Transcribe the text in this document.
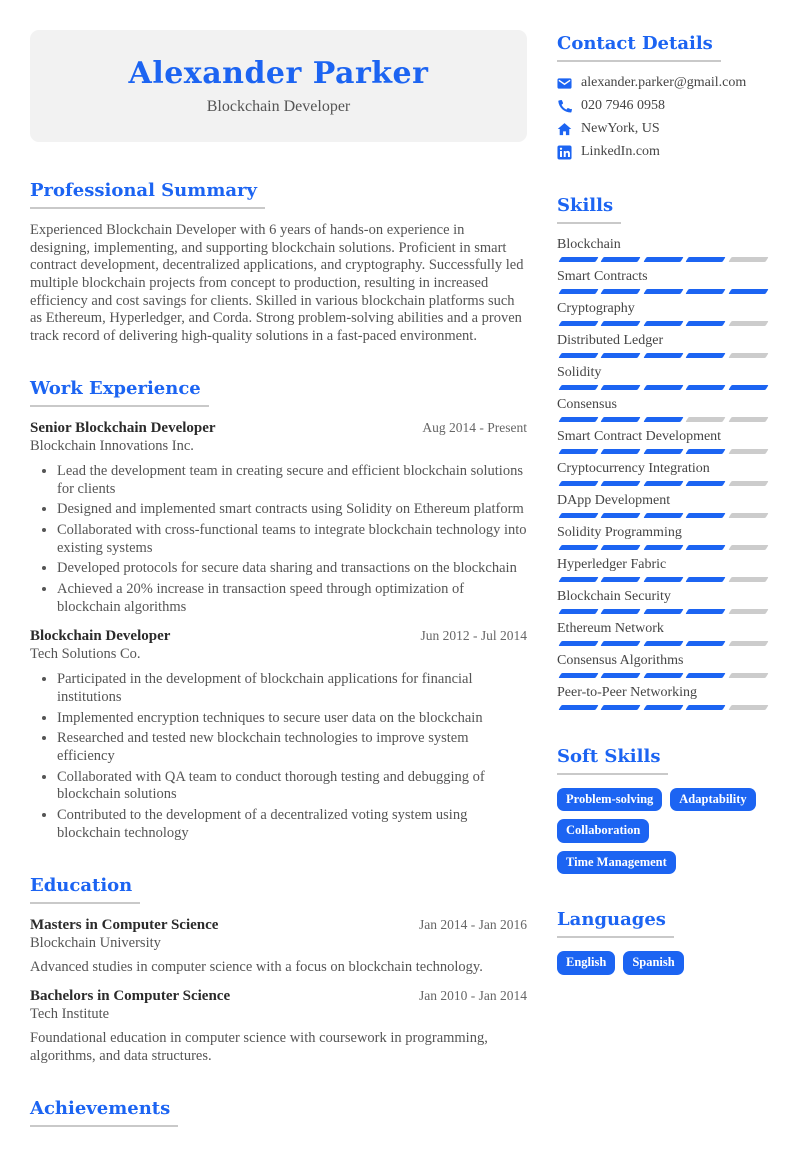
Alexander Parker
Blockchain Developer
Professional Summary

Experienced Blockchain Developer with 6 years of hands-on experience in designing, implementing, and supporting blockchain solutions. Proficient in smart contract development, decentralized applications, and cryptography. Successfully led multiple blockchain projects from concept to production, resulting in increased efficiency and cost savings for clients. Skilled in various blockchain platforms such as Ethereum, Hyperledger, and Corda. Strong problem-solving abilities and a proven track record of delivering high-quality solutions in a fast-paced environment.

Work Experience
Senior Blockchain Developer	Aug 2014 - Present
Blockchain Innovations Inc.
• Lead the development team in creating secure and efficient blockchain solutions for clients
• Designed and implemented smart contracts using Solidity on Ethereum platform
• Collaborated with cross-functional teams to integrate blockchain technology into existing systems
• Developed protocols for secure data sharing and transactions on the blockchain
• Achieved a 20% increase in transaction speed through optimization of blockchain algorithms
Blockchain Developer	Jun 2012 - Jul 2014
Tech Solutions Co.
• Participated in the development of blockchain applications for financial institutions
• Implemented encryption techniques to secure user data on the blockchain
• Researched and tested new blockchain technologies to improve system efficiency
• Collaborated with QA team to conduct thorough testing and debugging of blockchain solutions
• Contributed to the development of a decentralized voting system using blockchain technology
Education
Masters in Computer Science	Jan 2014 - Jan 2016
Blockchain University

Advanced studies in computer science with a focus on blockchain technology.

Bachelors in Computer Science	Jan 2010 - Jan 2014
Tech Institute

Foundational education in computer science with coursework in programming, algorithms, and data structures.

Achievements
Contact Details
alexander.parker@gmail.com
020 7946 0958
NewYork, US
LinkedIn.com
Skills
Blockchain
Smart Contracts
Cryptography
Distributed Ledger
Solidity
Consensus
Smart Contract Development
Cryptocurrency Integration
DApp Development
Solidity Programming
Hyperledger Fabric
Blockchain Security
Ethereum Network
Consensus Algorithms
Peer-to-Peer Networking
Soft Skills
Problem-solving	Adaptability
Collaboration
Time Management
Languages
English	Spanish
